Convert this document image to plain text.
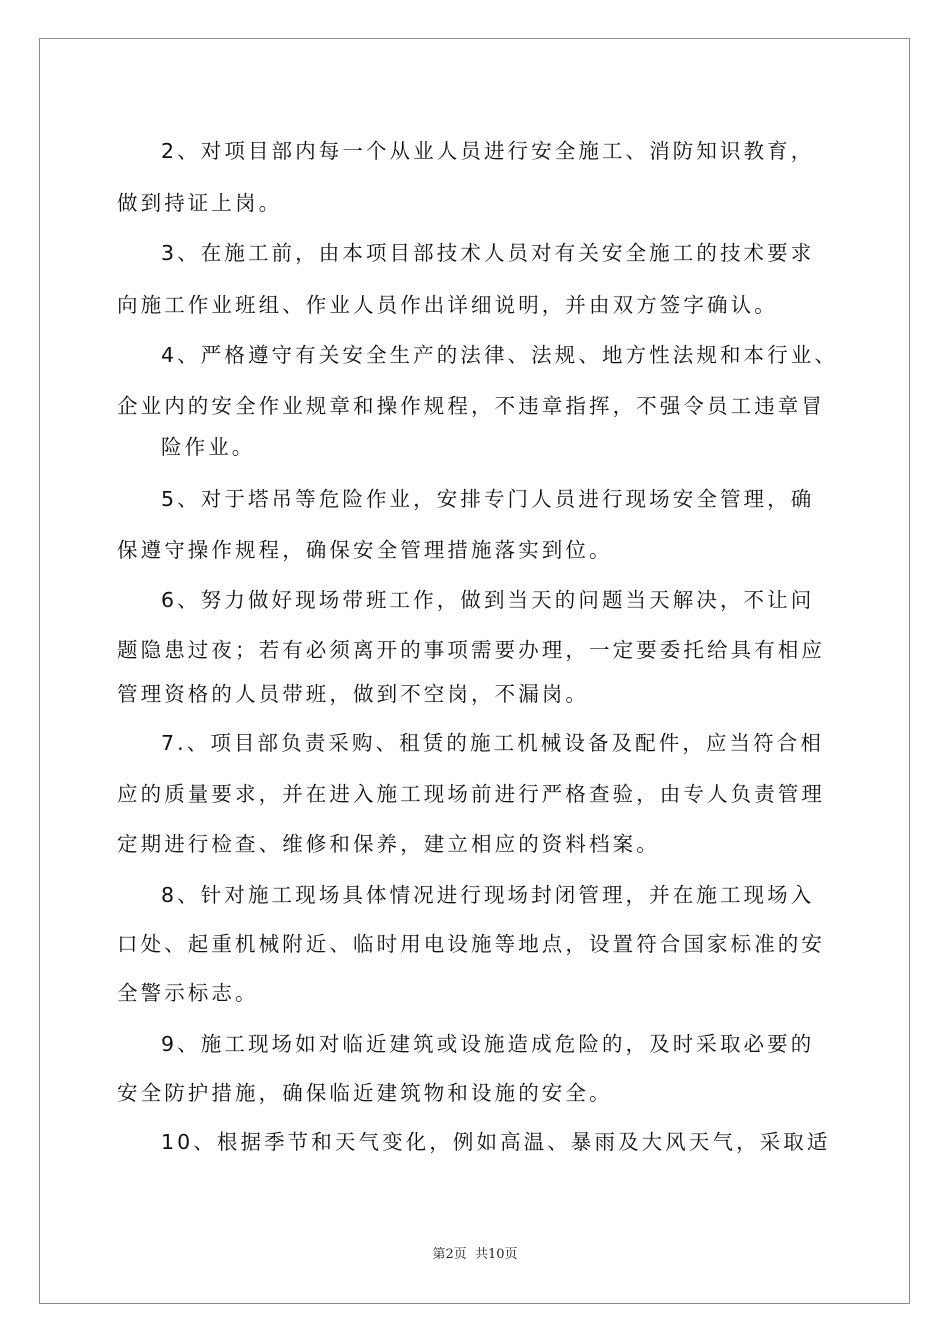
2、对项目部内每一个从业人员进行安全施工、消防知识教育，
做到持证上岗。
3、在施工前，由本项目部技术人员对有关安全施工的技术要求
向施工作业班组、作业人员作出详细说明，并由双方签字确认。
4、严格遵守有关安全生产的法律、法规、地方性法规和本行业、
企业内的安全作业规章和操作规程，不违章指挥，不强令员工违章冒
险作业。
5、对于塔吊等危险作业，安排专门人员进行现场安全管理，确
保遵守操作规程，确保安全管理措施落实到位。
6、努力做好现场带班工作，做到当天的问题当天解决，不让问
题隐患过夜；若有必须离开的事项需要办理，一定要委托给具有相应
管理资格的人员带班，做到不空岗，不漏岗。
7.、项目部负责采购、租赁的施工机械设备及配件，应当符合相
应的质量要求，并在进入施工现场前进行严格查验，由专人负责管理
定期进行检查、维修和保养，建立相应的资料档案。
8、针对施工现场具体情况进行现场封闭管理，并在施工现场入
口处、起重机械附近、临时用电设施等地点，设置符合国家标准的安
全警示标志。
9、施工现场如对临近建筑或设施造成危险的，及时采取必要的
安全防护措施，确保临近建筑物和设施的安全。
10、根据季节和天气变化，例如高温、暴雨及大风天气，采取适
第2页 共10页
